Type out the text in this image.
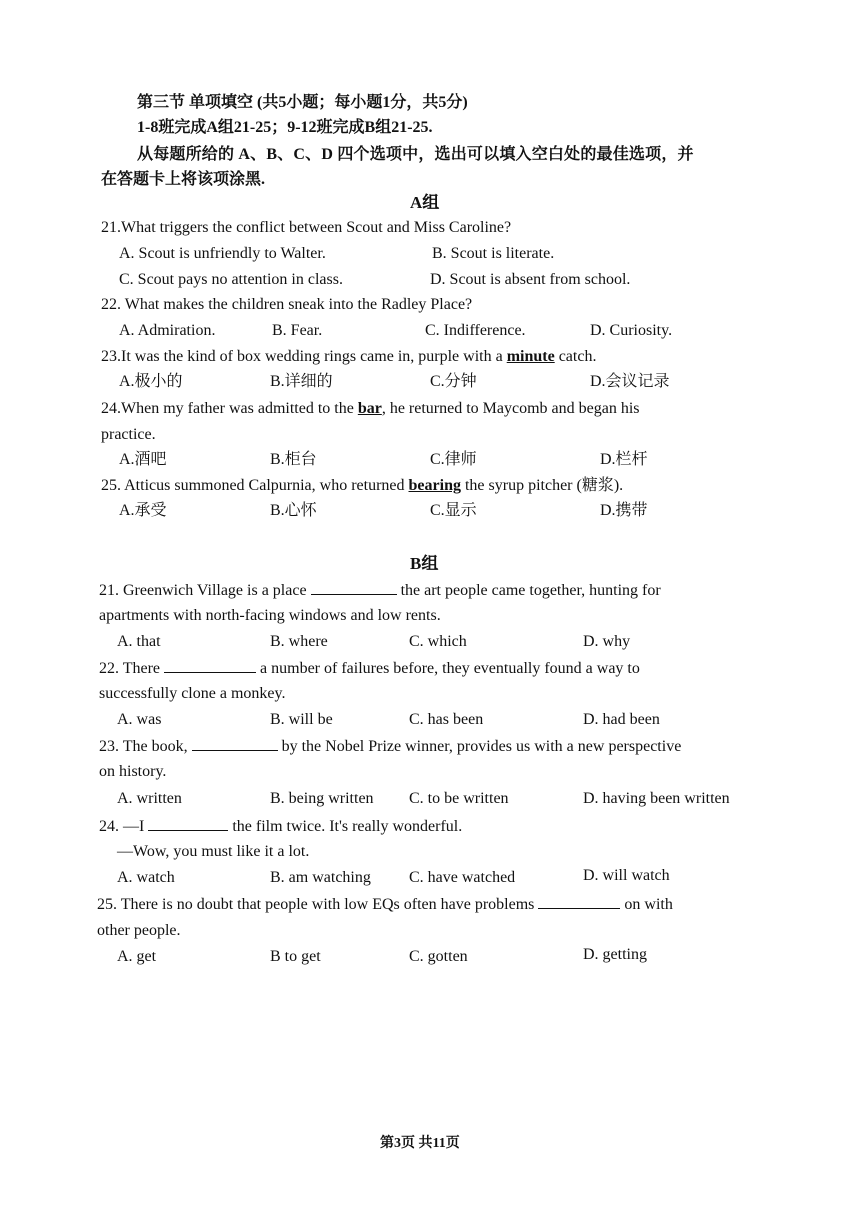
第三节 单项填空 (共5小题；每小题1分，共5分)
1-8班完成A组21-25；9-12班完成B组21-25.
从每题所给的 A、B、C、D 四个选项中，选出可以填入空白处的最佳选项，并
在答题卡上将该项涂黑.
A组
21.What triggers the conflict between Scout and Miss Caroline?
A. Scout is unfriendly to Walter.	B. Scout is literate.
C. Scout pays no attention in class.	D. Scout is absent from school.
22. What makes the children sneak into the Radley Place?
A. Admiration.	B. Fear.	C. Indifference.	D. Curiosity.
23.It was the kind of box wedding rings came in, purple with a minute catch.
A.极小的	B.详细的	C.分钟	D.会议记录
24.When my father was admitted to the bar, he returned to Maycomb and began his
practice.
A.酒吧	B.柜台	C.律师	D.栏杆
25. Atticus summoned Calpurnia, who returned bearing the syrup pitcher (糖浆).
A.承受	B.心怀	C.显示	D.携带
B组
21. Greenwich Village is a place	the art people came together, hunting for
apartments with north-facing windows and low rents.
A. that	B. where	C. which	D. why
22. There	a number of failures before, they eventually found a way to
successfully clone a monkey.
A. was	B. will be	C. has been	D. had been
23. The book,	by the Nobel Prize winner, provides us with a new perspective
on history.
A. written	B. being written C. to be written	D. having been written
24. —I	the film twice. It's really wonderful.
—Wow, you must like it a lot.
A. watch	B. am watching C. have watched	D. will watch
25. There is no doubt that people with low EQs often have problems	on with
other people.
A. get	B to get	C. gotten	D. getting
第3页 共11页
